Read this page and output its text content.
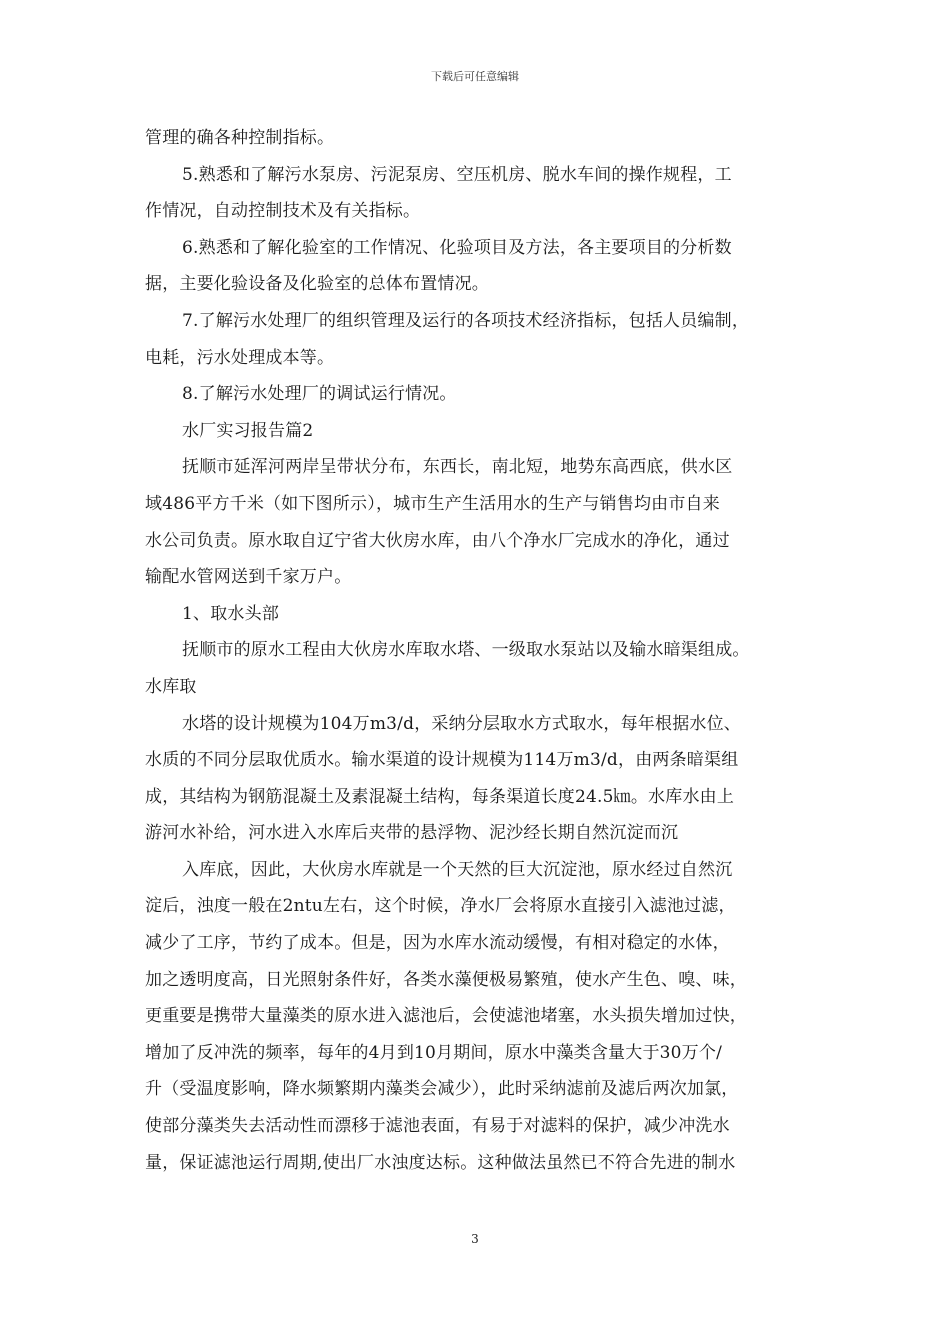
下载后可任意编辑
管理的确各种控制指标。
5.熟悉和了解污水泵房、污泥泵房、空压机房、脱水车间的操作规程，工
作情况，自动控制技术及有关指标。
6.熟悉和了解化验室的工作情况、化验项目及方法，各主要项目的分析数
据，主要化验设备及化验室的总体布置情况。
7.了解污水处理厂的组织管理及运行的各项技术经济指标，包括人员编制，
电耗，污水处理成本等。
8.了解污水处理厂的调试运行情况。
水厂实习报告篇2
抚顺市延浑河两岸呈带状分布，东西长，南北短，地势东高西底，供水区
域486平方千米（如下图所示），城市生产生活用水的生产与销售均由市自来
水公司负责。原水取自辽宁省大伙房水库，由八个净水厂完成水的净化，通过
输配水管网送到千家万户。
1、取水头部
抚顺市的原水工程由大伙房水库取水塔、一级取水泵站以及输水暗渠组成。
水库取
水塔的设计规模为104万m3/d，采纳分层取水方式取水，每年根据水位、
水质的不同分层取优质水。输水渠道的设计规模为114万m3/d，由两条暗渠组
成，其结构为钢筋混凝土及素混凝土结构，每条渠道长度24.5㎞。水库水由上
游河水补给，河水进入水库后夹带的悬浮物、泥沙经长期自然沉淀而沉
入库底，因此，大伙房水库就是一个天然的巨大沉淀池，原水经过自然沉
淀后，浊度一般在2ntu左右，这个时候，净水厂会将原水直接引入滤池过滤，
减少了工序，节约了成本。但是，因为水库水流动缓慢，有相对稳定的水体，
加之透明度高，日光照射条件好，各类水藻便极易繁殖，使水产生色、嗅、味，
更重要是携带大量藻类的原水进入滤池后，会使滤池堵塞，水头损失增加过快，
增加了反冲洗的频率，每年的4月到10月期间，原水中藻类含量大于30万个/
升（受温度影响，降水频繁期内藻类会减少），此时采纳滤前及滤后两次加氯，
使部分藻类失去活动性而漂移于滤池表面，有易于对滤料的保护，减少冲洗水
量，保证滤池运行周期,使出厂水浊度达标。这种做法虽然已不符合先进的制水
3
